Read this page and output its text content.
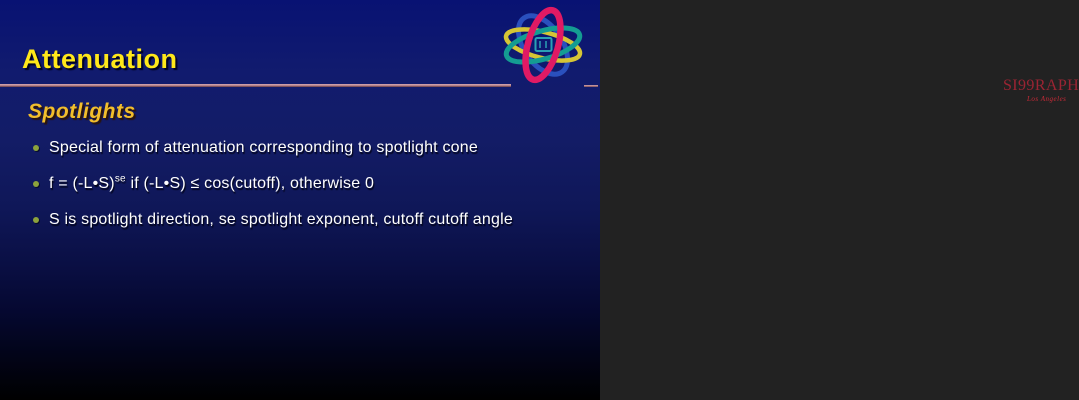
Attenuation
SI99RAPH
Los Angeles
Spotlights
Special form of attenuation corresponding to spotlight cone
f = (-L•S)$^{se}$ if (-L•S) ≤ cos(cutoff), otherwise 0
S is spotlight direction, se spotlight exponent, cutoff cutoff angle
